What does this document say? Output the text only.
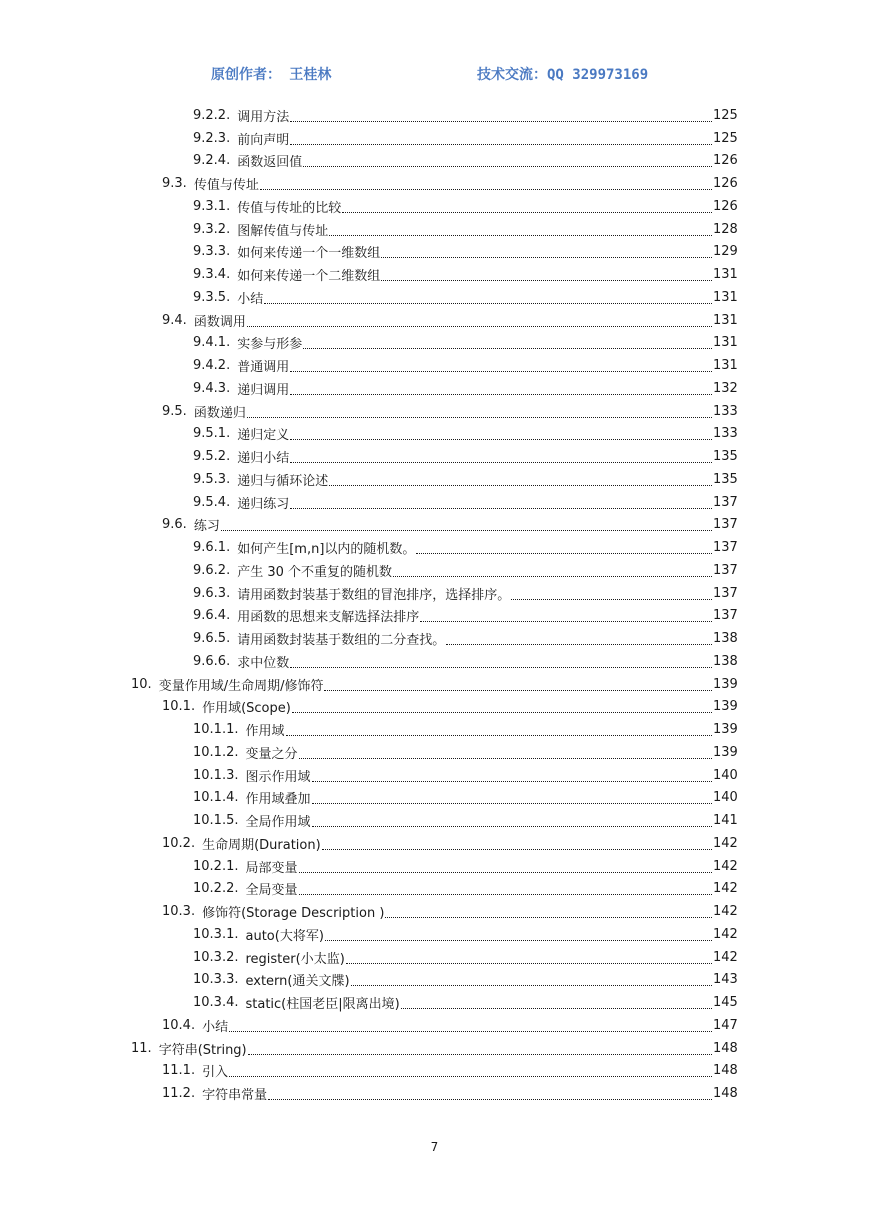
原创作者： 王桂林	技术交流：QQ 329973169
9.2.2. 调用方法	125
9.2.3. 前向声明	125
9.2.4. 函数返回值	126
9.3. 传值与传址	126
9.3.1. 传值与传址的比较	126
9.3.2. 图解传值与传址	128
9.3.3. 如何来传递一个一维数组	129
9.3.4. 如何来传递一个二维数组	131
9.3.5. 小结	131
9.4. 函数调用	131
9.4.1. 实参与形参	131
9.4.2. 普通调用	131
9.4.3. 递归调用	132
9.5. 函数递归	133
9.5.1. 递归定义	133
9.5.2. 递归小结	135
9.5.3. 递归与循环论述	135
9.5.4. 递归练习	137
9.6. 练习	137
9.6.1. 如何产生[m,n]以内的随机数。	137
9.6.2. 产生 30 个不重复的随机数	137
9.6.3. 请用函数封装基于数组的冒泡排序，选择排序。	137
9.6.4. 用函数的思想来支解选择法排序	137
9.6.5. 请用函数封装基于数组的二分查找。	138
9.6.6. 求中位数	138
10. 变量作用域/生命周期/修饰符	139
10.1. 作用域(Scope)	139
10.1.1. 作用域	139
10.1.2. 变量之分	139
10.1.3. 图示作用域	140
10.1.4. 作用域叠加	140
10.1.5. 全局作用域	141
10.2. 生命周期(Duration)	142
10.2.1. 局部变量	142
10.2.2. 全局变量	142
10.3. 修饰符(Storage Description )	142
10.3.1. auto(大将军)	142
10.3.2. register(小太监)	142
10.3.3. extern(通关文牒)	143
10.3.4. static(柱国老臣|限离出境)	145
10.4. 小结	147
11. 字符串(String)	148
11.1. 引入	148
11.2. 字符串常量	148
7
